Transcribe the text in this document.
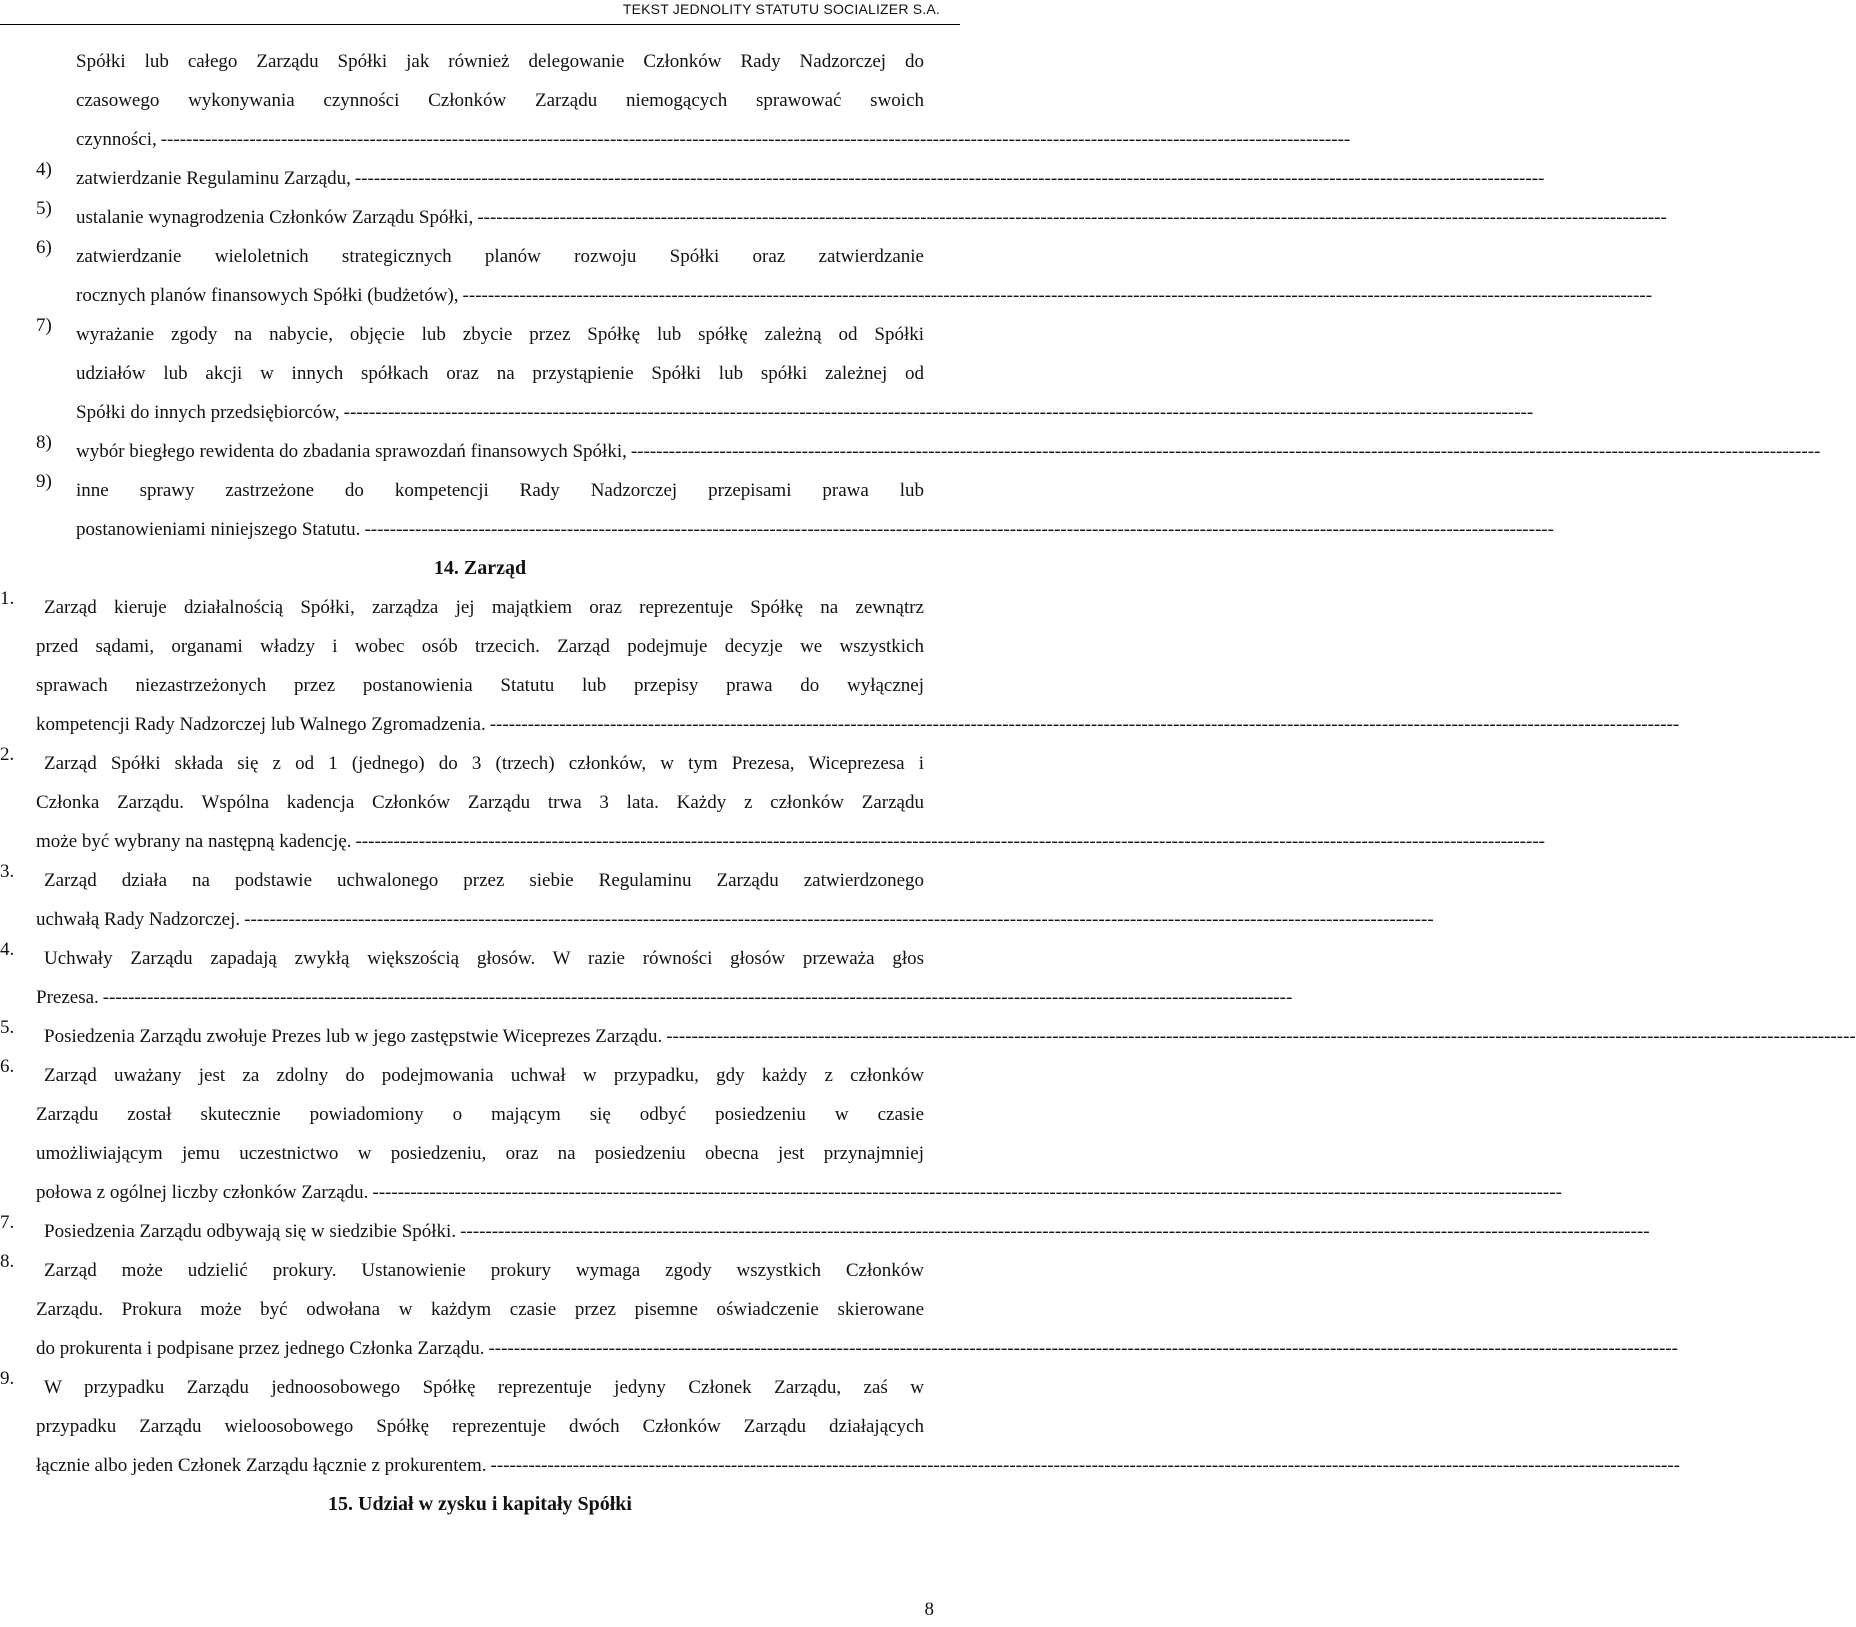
TEKST JEDNOLITY STATUTU SOCIALIZER S.A.
Spółki lub całego Zarządu Spółki jak również delegowanie Członków Rady Nadzorczej do
czasowego wykonywania czynności Członków Zarządu niemogących sprawować swoich
czynności, --------------------------------------------------------------------------------------------------------------------------------------------------------------------------------------------
4) zatwierdzanie Regulaminu Zarządu, --------------------------------------------------------------------------------------------------------------------------------------------------------------------------------------------
5) ustalanie wynagrodzenia Członków Zarządu Spółki, --------------------------------------------------------------------------------------------------------------------------------------------------------------------------------------------
6)	zatwierdzanie wieloletnich strategicznych planów rozwoju Spółki oraz zatwierdzanie
rocznych planów finansowych Spółki (budżetów), --------------------------------------------------------------------------------------------------------------------------------------------------------------------------------------------
7)	wyrażanie zgody na nabycie, objęcie lub zbycie przez Spółkę lub spółkę zależną od Spółki
udziałów lub akcji w innych spółkach oraz na przystąpienie Spółki lub spółki zależnej od
Spółki do innych przedsiębiorców, --------------------------------------------------------------------------------------------------------------------------------------------------------------------------------------------
8) wybór biegłego rewidenta do zbadania sprawozdań finansowych Spółki, --------------------------------------------------------------------------------------------------------------------------------------------------------------------------------------------
9)	inne sprawy zastrzeżone do kompetencji Rady Nadzorczej przepisami prawa lub
postanowieniami niniejszego Statutu. --------------------------------------------------------------------------------------------------------------------------------------------------------------------------------------------
14. Zarząd
1.	Zarząd kieruje działalnością Spółki, zarządza jej majątkiem oraz reprezentuje Spółkę na zewnątrz
przed sądami, organami władzy i wobec osób trzecich. Zarząd podejmuje decyzje we wszystkich
sprawach niezastrzeżonych przez postanowienia Statutu lub przepisy prawa do wyłącznej
kompetencji Rady Nadzorczej lub Walnego Zgromadzenia. --------------------------------------------------------------------------------------------------------------------------------------------------------------------------------------------
2.	Zarząd Spółki składa się z od 1 (jednego) do 3 (trzech) członków, w tym Prezesa, Wiceprezesa i
Członka Zarządu. Wspólna kadencja Członków Zarządu trwa 3 lata. Każdy z członków Zarządu
może być wybrany na następną kadencję. --------------------------------------------------------------------------------------------------------------------------------------------------------------------------------------------
3.	Zarząd działa na podstawie uchwalonego przez siebie Regulaminu Zarządu zatwierdzonego
uchwałą Rady Nadzorczej. --------------------------------------------------------------------------------------------------------------------------------------------------------------------------------------------
4.	Uchwały Zarządu zapadają zwykłą większością głosów. W razie równości głosów przeważa głos
Prezesa. --------------------------------------------------------------------------------------------------------------------------------------------------------------------------------------------
5. Posiedzenia Zarządu zwołuje Prezes lub w jego zastępstwie Wiceprezes Zarządu. --------------------------------------------------------------------------------------------------------------------------------------------------------------------------------------------
6.	Zarząd uważany jest za zdolny do podejmowania uchwał w przypadku, gdy każdy z członków
Zarządu został skutecznie powiadomiony o mającym się odbyć posiedzeniu w czasie
umożliwiającym jemu uczestnictwo w posiedzeniu, oraz na posiedzeniu obecna jest przynajmniej
połowa z ogólnej liczby członków Zarządu. --------------------------------------------------------------------------------------------------------------------------------------------------------------------------------------------
7. Posiedzenia Zarządu odbywają się w siedzibie Spółki. --------------------------------------------------------------------------------------------------------------------------------------------------------------------------------------------
8.	Zarząd może udzielić prokury. Ustanowienie prokury wymaga zgody wszystkich Członków
Zarządu. Prokura może być odwołana w każdym czasie przez pisemne oświadczenie skierowane
do prokurenta i podpisane przez jednego Członka Zarządu. --------------------------------------------------------------------------------------------------------------------------------------------------------------------------------------------
9.	W przypadku Zarządu jednoosobowego Spółkę reprezentuje jedyny Członek Zarządu, zaś w
przypadku Zarządu wieloosobowego Spółkę reprezentuje dwóch Członków Zarządu działających
łącznie albo jeden Członek Zarządu łącznie z prokurentem. --------------------------------------------------------------------------------------------------------------------------------------------------------------------------------------------
15. Udział w zysku i kapitały Spółki
8
